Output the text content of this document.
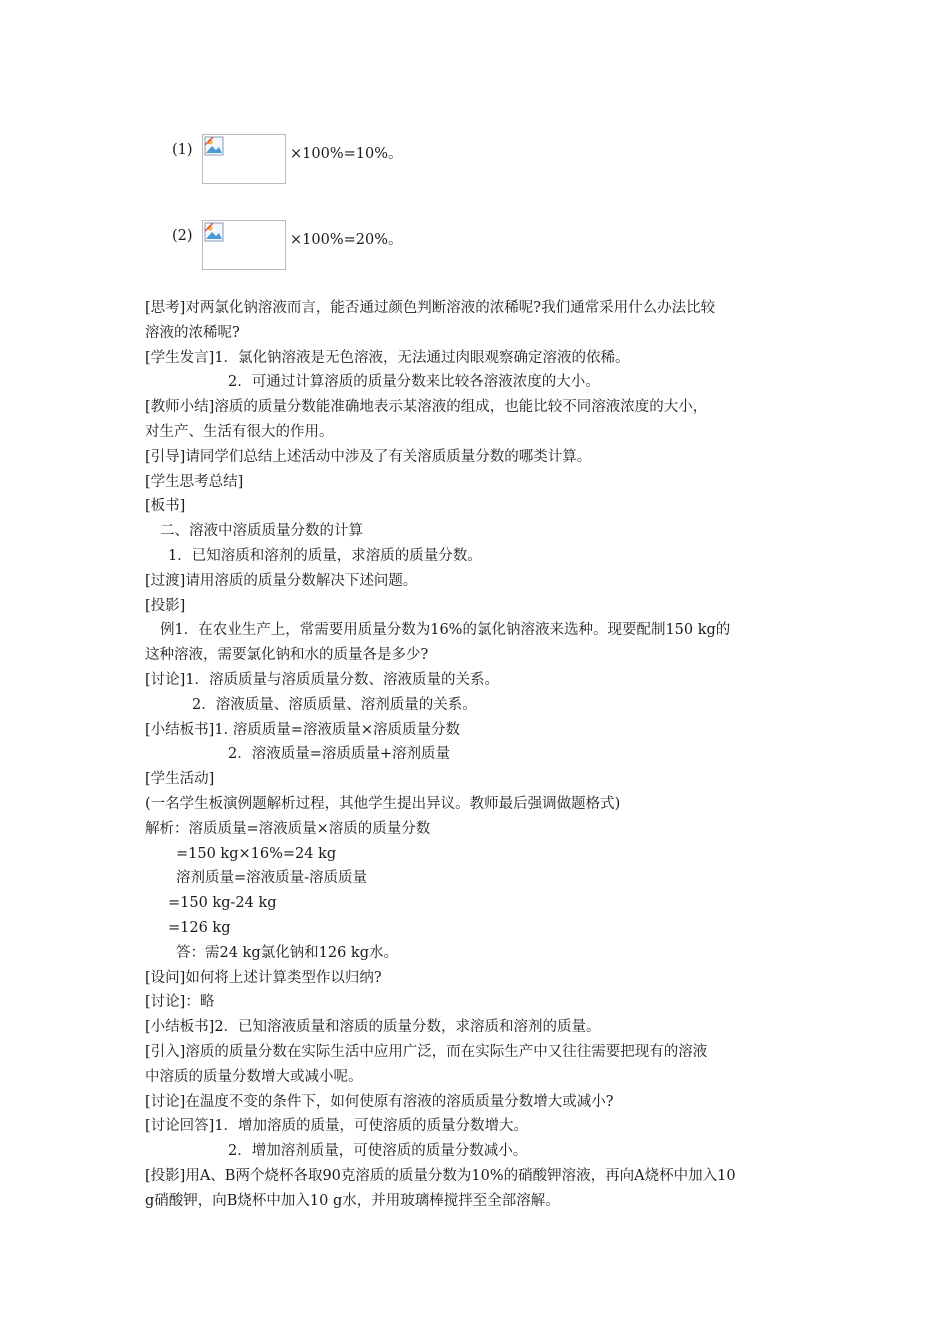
(1)	×100%=10%。
(2)	×100%=20%。
[思考]对两氯化钠溶液而言，能否通过颜色判断溶液的浓稀呢?我们通常采用什么办法比较
溶液的浓稀呢?
[学生发言]1．氯化钠溶液是无色溶液，无法通过肉眼观察确定溶液的依稀。
2．可通过计算溶质的质量分数来比较各溶液浓度的大小。
[教师小结]溶质的质量分数能准确地表示某溶液的组成，也能比较不同溶液浓度的大小，
对生产、生活有很大的作用。
[引导]请同学们总结上述活动中涉及了有关溶质质量分数的哪类计算。
[学生思考总结]
[板书]
二、溶液中溶质质量分数的计算
1．已知溶质和溶剂的质量，求溶质的质量分数。
[过渡]请用溶质的质量分数解决下述问题。
[投影]
例1．在农业生产上，常需要用质量分数为16%的氯化钠溶液来选种。现要配制150 kg的
这种溶液，需要氯化钠和水的质量各是多少?
[讨论]1．溶质质量与溶质质量分数、溶液质量的关系。
2．溶液质量、溶质质量、溶剂质量的关系。
[小结板书]1. 溶质质量=溶液质量×溶质质量分数
2．溶液质量=溶质质量+溶剂质量
[学生活动]
(一名学生板演例题解析过程，其他学生提出异议。教师最后强调做题格式)
解析：溶质质量=溶液质量×溶质的质量分数
=150 kg×16%=24 kg
溶剂质量=溶液质量-溶质质量
=150 kg-24 kg
=126 kg
答：需24 kg氯化钠和126 kg水。
[设问]如何将上述计算类型作以归纳?
[讨论]：略
[小结板书]2．已知溶液质量和溶质的质量分数，求溶质和溶剂的质量。
[引入]溶质的质量分数在实际生活中应用广泛，而在实际生产中又往往需要把现有的溶液
中溶质的质量分数增大或减小呢。
[讨论]在温度不变的条件下，如何使原有溶液的溶质质量分数增大或减小?
[讨论回答]1．增加溶质的质量，可使溶质的质量分数增大。
2．增加溶剂质量，可使溶质的质量分数减小。
[投影]用A、B两个烧杯各取90克溶质的质量分数为10%的硝酸钾溶液，再向A烧杯中加入10
g硝酸钾，向B烧杯中加入10 g水，并用玻璃棒搅拌至全部溶解。
